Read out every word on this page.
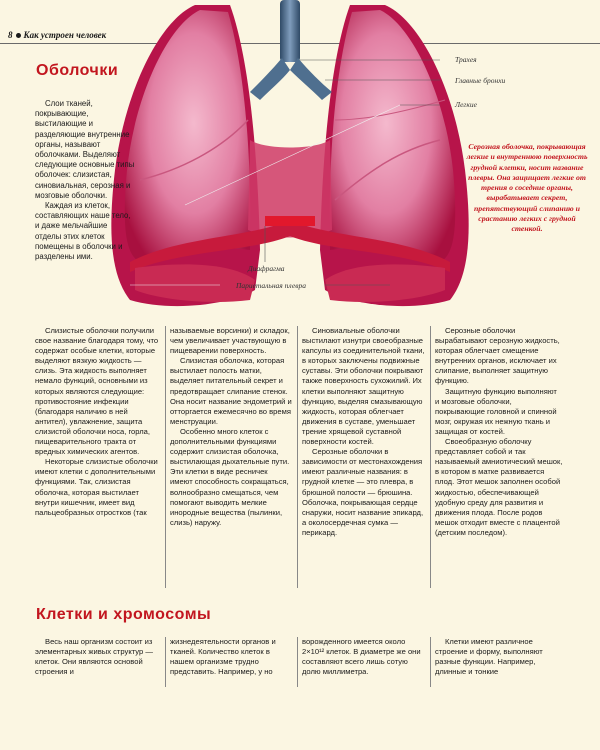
8 Как устроен человек
Трахея
Главные бронхи
Легкие
Диафрагма
Париетальная плевра
Серозная оболочка, покрывающая легкие и внутреннюю поверхность грудной клетки, носит название плевры. Она защищает легкие от трения о соседние органы, вырабатывает секрет, препятствующий слипанию и срастанию легких с грудной стенкой.
Оболочки

Слои тканей, покрывающие, выстилающие и разделяющие внутренние органы, называют оболочками. Выделяют следующие основные типы оболочек: слизистая, синовиальная, серозная и мозговые оболочки.

Каждая из клеток, составляющих наше тело, и даже мельчайшие отделы этих клеток помещены в оболочки и разделены ими.

Слизистые оболочки получили свое название благодаря тому, что содержат особые клетки, которые выделяют вязкую жидкость — слизь. Эта жидкость выполняет немало функций, основными из которых являются следующие: противостояние инфекции (благодаря наличию в ней антител), увлажнение, защита слизистой оболочки носа, горла, пищеварительного тракта от вредных химических агентов.

Некоторые слизистые оболочки имеют клетки с дополнительными функциями. Так, слизистая оболочка, которая выстилает внутри кишечник, имеет вид пальцеобразных отростков (так

называемые ворсинки) и складок, чем увеличивает участвующую в пищеварении поверхность.

Слизистая оболочка, которая выстилает полость матки, выделяет питательный секрет и предотвращает слипание стенок. Она носит название эндометрий и отторгается ежемесячно во время менструации.

Особенно много клеток с дополнительными функциями содержит слизистая оболочка, выстилающая дыхательные пути. Эти клетки в виде ресничек имеют способность сокращаться, волнообразно смещаться, чем помогают выводить мелкие инородные вещества (пылинки, слизь) наружу.

Синовиальные оболочки выстилают изнутри своеобразные капсулы из соединительной ткани, в которых заключены подвижные суставы. Эти оболочки покрывают также поверхность сухожилий. Их клетки выполняют защитную функцию, выделяя смазывающую жидкость, которая облегчает движения в суставе, уменьшает трение хрящевой суставной поверхности костей.

Серозные оболочки в зависимости от местонахождения имеют различные названия: в грудной клетке — это плевра, в брюшной полости — брюшина. Оболочка, покрывающая сердце снаружи, носит название эпикард, а околосердечная сумка — перикард.

Серозные оболочки вырабатывают серозную жидкость, которая облегчает смещение внутренних органов, исключает их слипание, выполняет защитную функцию.

Защитную функцию выполняют и мозговые оболочки, покрывающие головной и спинной мозг, окружая их нежную ткань и защищая от костей.

Своеобразную оболочку представляет собой и так называемый амниотический мешок, в котором в матке развивается плод. Этот мешок заполнен особой жидкостью, обеспечивающей удобную среду для развития и движения плода. После родов мешок отходит вместе с плацентой (детским последом).

Клетки и хромосомы

Весь наш организм состоит из элементарных живых структур — клеток. Они являются основой строения и

жизнедеятельности органов и тканей. Количество клеток в нашем организме трудно представить. Например, у но

ворожденного имеется около 2×10¹² клеток. В диаметре же они составляют всего лишь сотую долю миллиметра.

Клетки имеют различное строение и форму, выполняют разные функции. Например, длинные и тонкие
